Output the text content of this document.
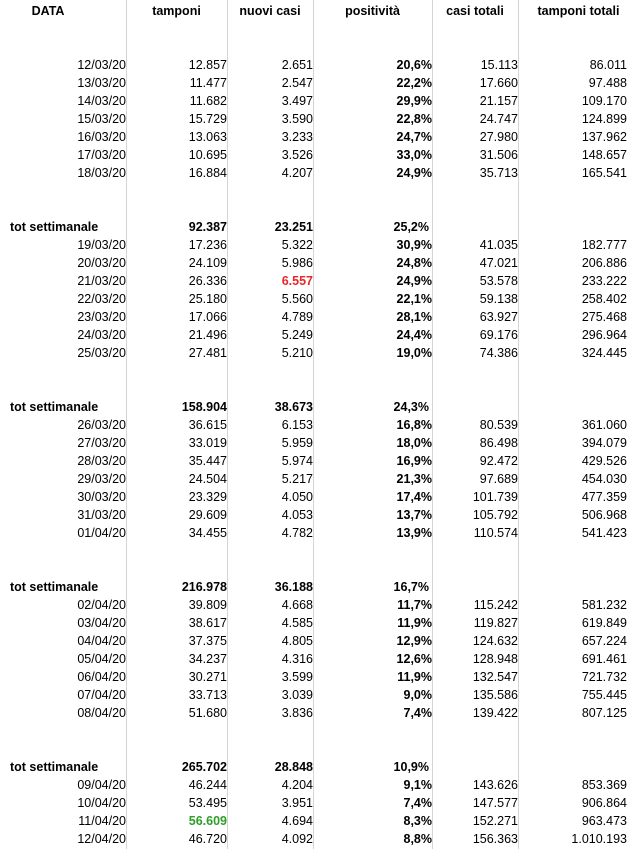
DATA	tamponi	nuovi casi	positività	casi totali	tamponi totali
12/03/20	12.857	2.651	20,6%	15.113	86.011
13/03/20	11.477	2.547	22,2%	17.660	97.488
14/03/20	11.682	3.497	29,9%	21.157	109.170
15/03/20	15.729	3.590	22,8%	24.747	124.899
16/03/20	13.063	3.233	24,7%	27.980	137.962
17/03/20	10.695	3.526	33,0%	31.506	148.657
18/03/20	16.884	4.207	24,9%	35.713	165.541
tot settimanale	92.387	23.251	25,2%
19/03/20	17.236	5.322	30,9%	41.035	182.777
20/03/20	24.109	5.986	24,8%	47.021	206.886
21/03/20	26.336	6.557	24,9%	53.578	233.222
22/03/20	25.180	5.560	22,1%	59.138	258.402
23/03/20	17.066	4.789	28,1%	63.927	275.468
24/03/20	21.496	5.249	24,4%	69.176	296.964
25/03/20	27.481	5.210	19,0%	74.386	324.445
tot settimanale	158.904	38.673	24,3%
26/03/20	36.615	6.153	16,8%	80.539	361.060
27/03/20	33.019	5.959	18,0%	86.498	394.079
28/03/20	35.447	5.974	16,9%	92.472	429.526
29/03/20	24.504	5.217	21,3%	97.689	454.030
30/03/20	23.329	4.050	17,4%	101.739	477.359
31/03/20	29.609	4.053	13,7%	105.792	506.968
01/04/20	34.455	4.782	13,9%	110.574	541.423
tot settimanale	216.978	36.188	16,7%
02/04/20	39.809	4.668	11,7%	115.242	581.232
03/04/20	38.617	4.585	11,9%	119.827	619.849
04/04/20	37.375	4.805	12,9%	124.632	657.224
05/04/20	34.237	4.316	12,6%	128.948	691.461
06/04/20	30.271	3.599	11,9%	132.547	721.732
07/04/20	33.713	3.039	9,0%	135.586	755.445
08/04/20	51.680	3.836	7,4%	139.422	807.125
tot settimanale	265.702	28.848	10,9%
09/04/20	46.244	4.204	9,1%	143.626	853.369
10/04/20	53.495	3.951	7,4%	147.577	906.864
11/04/20	56.609	4.694	8,3%	152.271	963.473
12/04/20	46.720	4.092	8,8%	156.363	1.010.193
